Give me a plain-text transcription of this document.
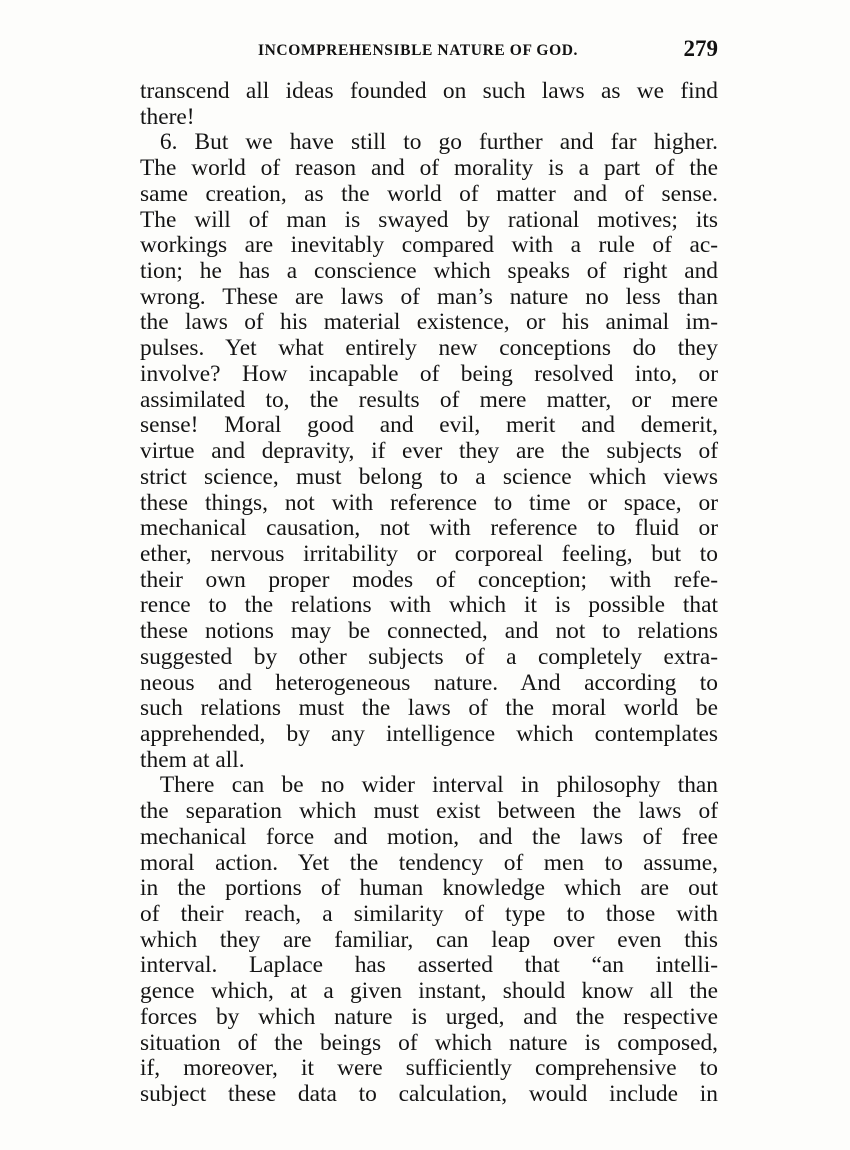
INCOMPREHENSIBLE NATURE OF GOD.	279
transcend all ideas founded on such laws as we find
there!
6. But we have still to go further and far higher.
The world of reason and of morality is a part of the
same creation, as the world of matter and of sense.
The will of man is swayed by rational motives; its
workings are inevitably compared with a rule of ac-
tion; he has a conscience which speaks of right and
wrong. These are laws of man’s nature no less than
the laws of his material existence, or his animal im-
pulses. Yet what entirely new conceptions do they
involve? How incapable of being resolved into, or
assimilated to, the results of mere matter, or mere
sense! Moral good and evil, merit and demerit,
virtue and depravity, if ever they are the subjects of
strict science, must belong to a science which views
these things, not with reference to time or space, or
mechanical causation, not with reference to fluid or
ether, nervous irritability or corporeal feeling, but to
their own proper modes of conception; with refe-
rence to the relations with which it is possible that
these notions may be connected, and not to relations
suggested by other subjects of a completely extra-
neous and heterogeneous nature. And according to
such relations must the laws of the moral world be
apprehended, by any intelligence which contemplates
them at all.
There can be no wider interval in philosophy than
the separation which must exist between the laws of
mechanical force and motion, and the laws of free
moral action. Yet the tendency of men to assume,
in the portions of human knowledge which are out
of their reach, a similarity of type to those with
which they are familiar, can leap over even this
interval. Laplace has asserted that “an intelli-
gence which, at a given instant, should know all the
forces by which nature is urged, and the respective
situation of the beings of which nature is composed,
if, moreover, it were sufficiently comprehensive to
subject these data to calculation, would include in
